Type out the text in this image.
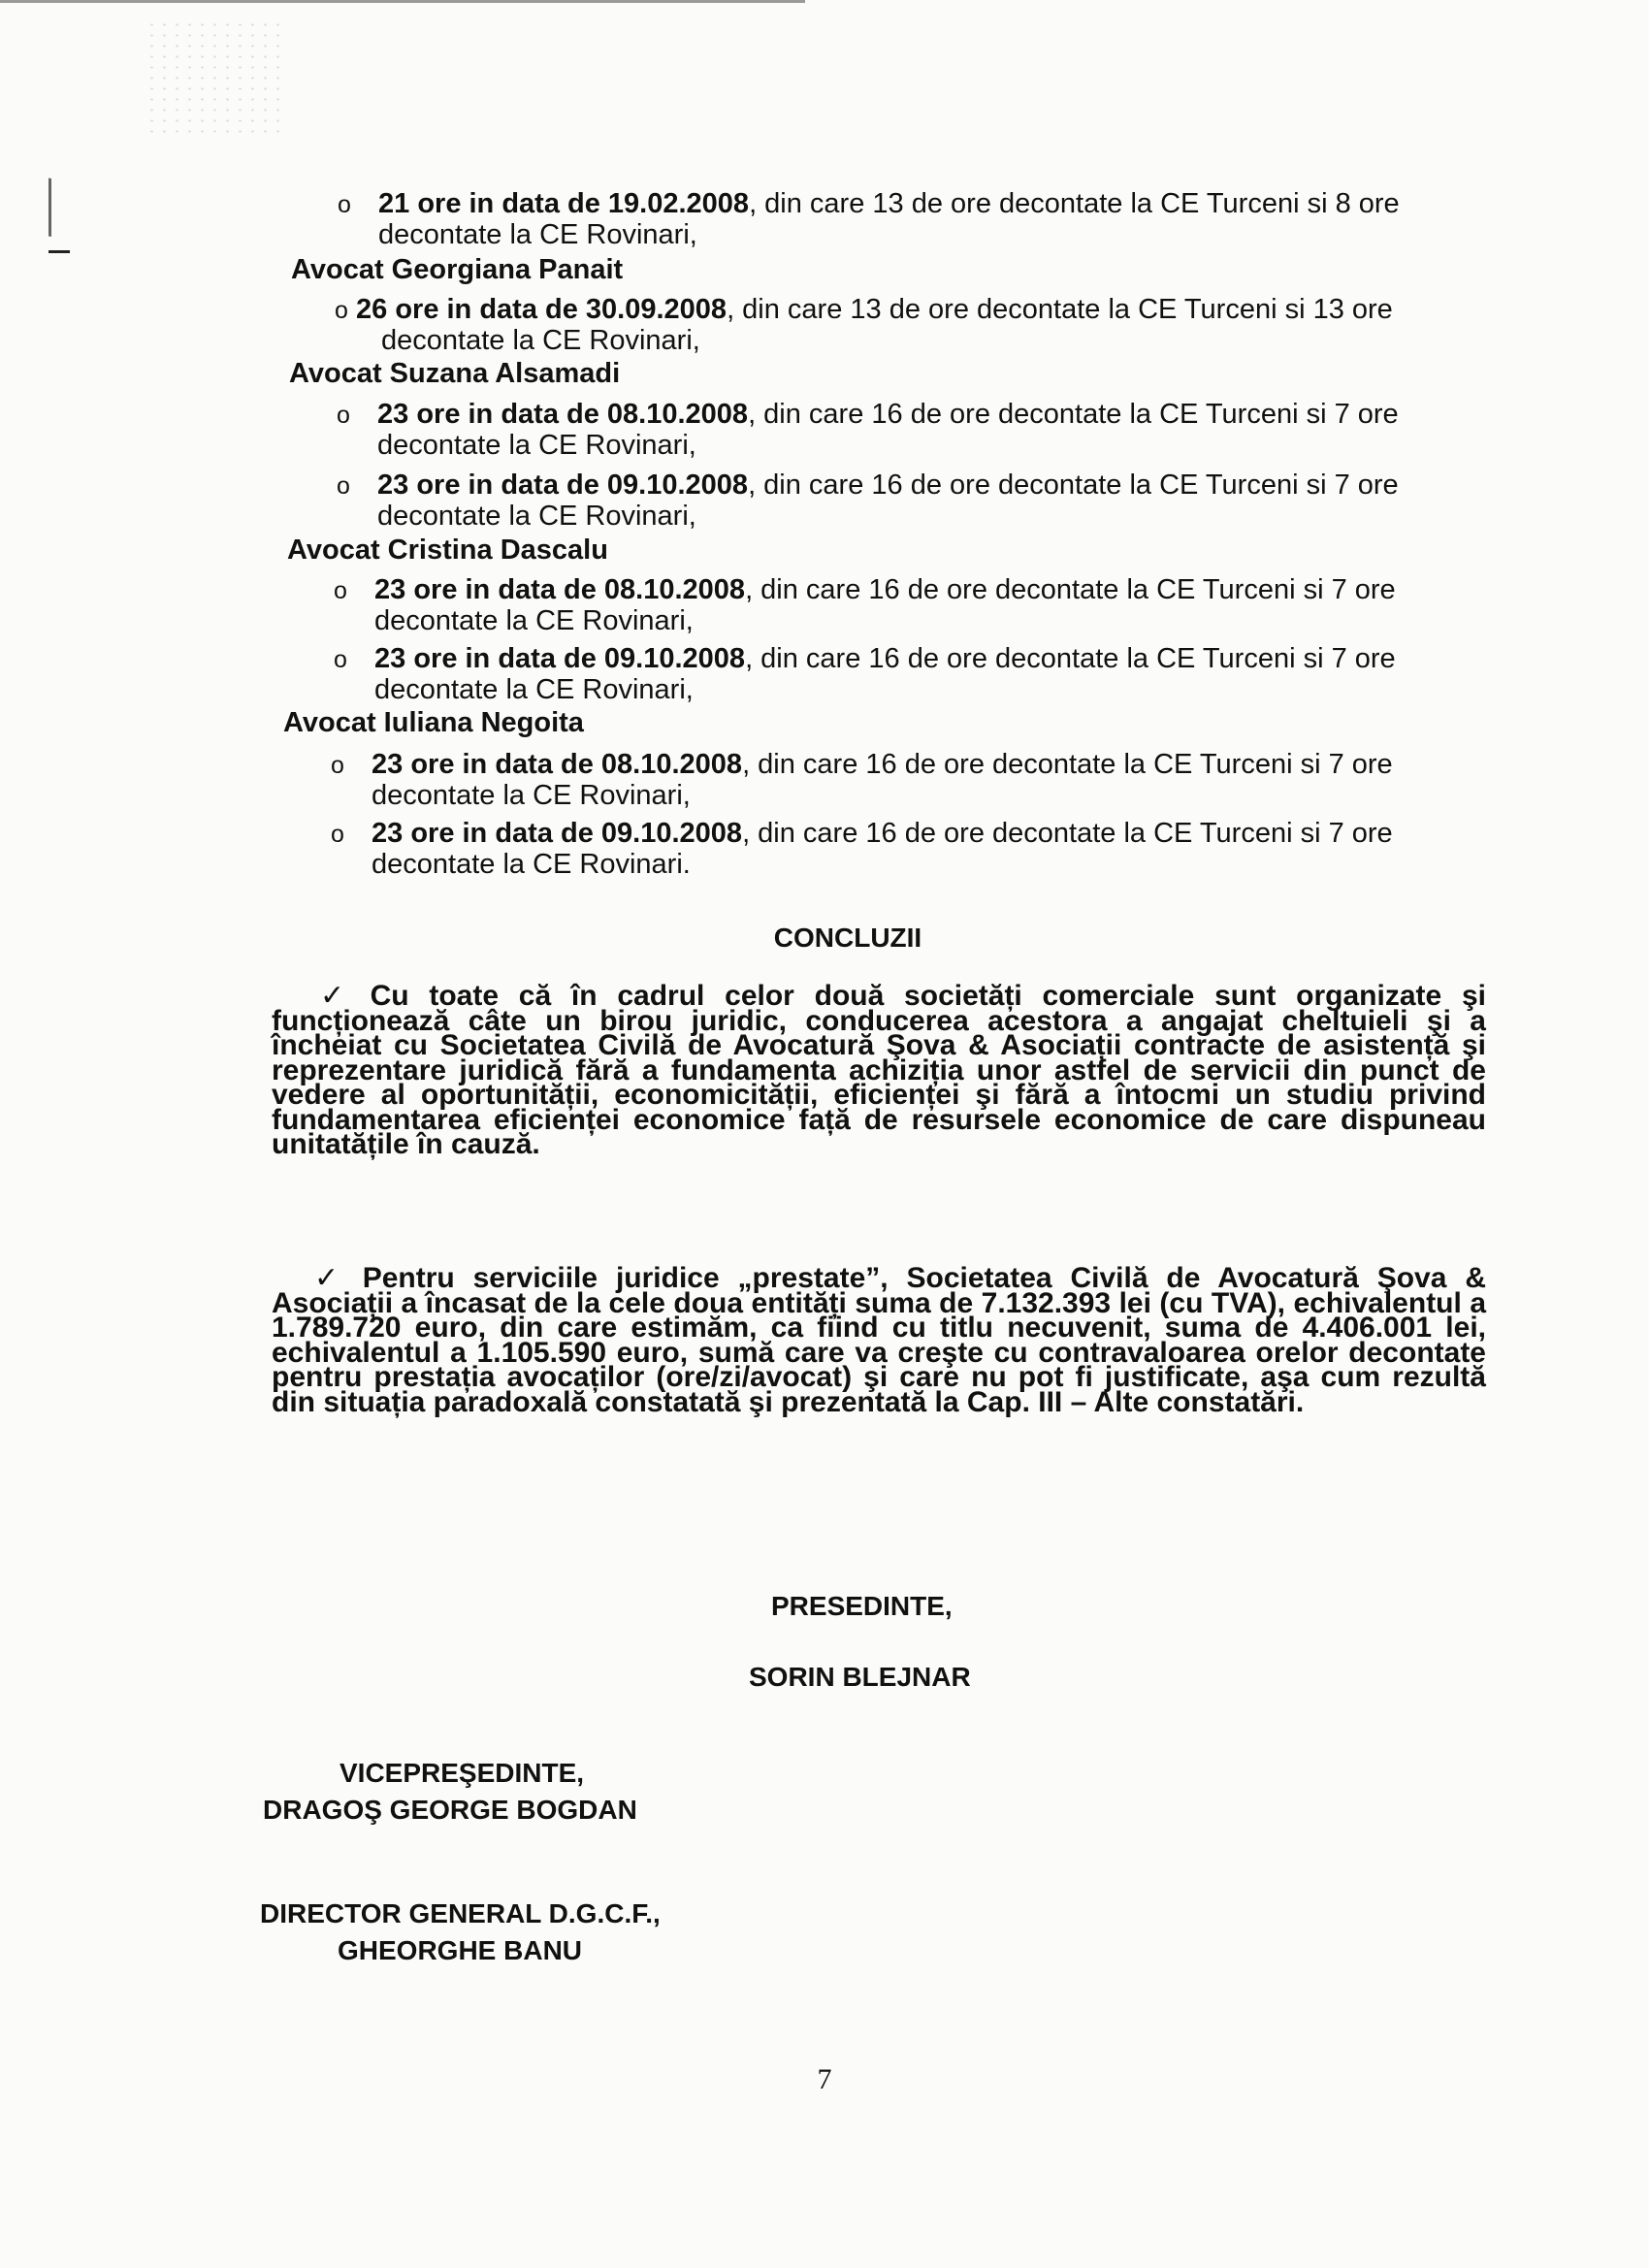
o 21 ore in data de 19.02.2008, din care 13 de ore decontate la CE Turceni si 8 ore
decontate la CE Rovinari,
Avocat Georgiana Panait
o 26 ore in data de 30.09.2008, din care 13 de ore decontate la CE Turceni si 13 ore
decontate la CE Rovinari,
Avocat Suzana Alsamadi
o 23 ore in data de 08.10.2008, din care 16 de ore decontate la CE Turceni si 7 ore
decontate la CE Rovinari,
o 23 ore in data de 09.10.2008, din care 16 de ore decontate la CE Turceni si 7 ore
decontate la CE Rovinari,
Avocat Cristina Dascalu
o 23 ore in data de 08.10.2008, din care 16 de ore decontate la CE Turceni si 7 ore
decontate la CE Rovinari,
o 23 ore in data de 09.10.2008, din care 16 de ore decontate la CE Turceni si 7 ore
decontate la CE Rovinari,
Avocat Iuliana Negoita
o 23 ore in data de 08.10.2008, din care 16 de ore decontate la CE Turceni si 7 ore
decontate la CE Rovinari,
o 23 ore in data de 09.10.2008, din care 16 de ore decontate la CE Turceni si 7 ore
decontate la CE Rovinari.
CONCLUZII
✓ Cu toate că în cadrul celor două societăți comerciale sunt organizate şi funcționează câte un birou juridic, conducerea acestora a angajat cheltuieli şi a încheiat cu Societatea Civilă de Avocatură Şova & Asociații contracte de asistență şi reprezentare juridică fără a fundamenta achiziția unor astfel de servicii din punct de vedere al oportunității, economicității, eficienței şi fără a întocmi un studiu privind fundamentarea eficienței economice față de resursele economice de care dispuneau unitatățile în cauză.
✓ Pentru serviciile juridice „prestate”, Societatea Civilă de Avocatură Şova & Asociații a încasat de la cele doua entități suma de 7.132.393 lei (cu TVA), echivalentul a 1.789.720 euro, din care estimăm, ca fiind cu titlu necuvenit, suma de 4.406.001 lei, echivalentul a 1.105.590 euro, sumă care va creşte cu contravaloarea orelor decontate pentru prestația avocaților (ore/zi/avocat) şi care nu pot fi justificate, aşa cum rezultă din situația paradoxală constatată şi prezentată la Cap. III – Alte constatări.
PRESEDINTE,
SORIN BLEJNAR
VICEPREŞEDINTE,
DRAGOŞ GEORGE BOGDAN
DIRECTOR GENERAL D.G.C.F.,
GHEORGHE BANU
7
